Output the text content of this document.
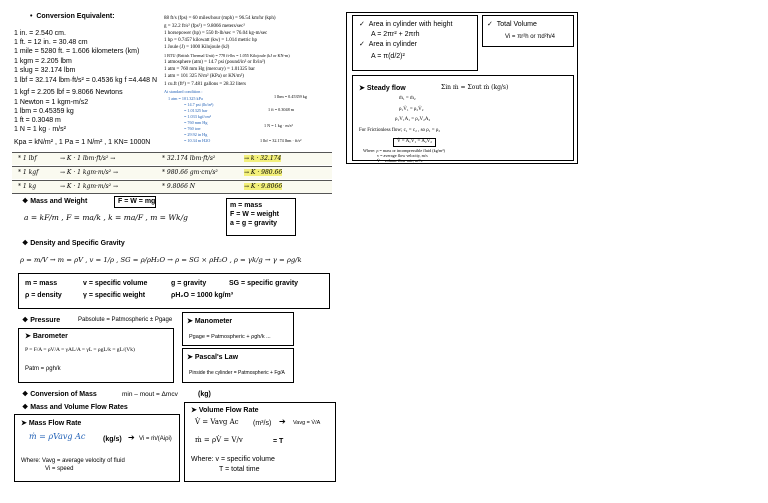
•  Conversion Equivalent:
1 in. = 2.540 cm.
1 ft. = 12 in. = 30.48 cm
1 mile = 5280 ft. = 1.606 kilometers (km)
1 kgm = 2.205 lbm
1 slug = 32.174 lbm
1 lbf = 32.174 lbm·ft/s² = 0.4536 kg f =4.448 N
1 kgf = 2.205 lbf = 9.8066 Newtons
1 Newton = 1 kgm-m/s2
1 lbm = 0.45359 kg
1 ft = 0.3048 m
1 N = 1 kg · m/s²
Kpa = kN/m² , 1 Pa = 1 N/m² , 1 KN= 1000N
88 ft/s (fps) = 60 miles/hour (mph) = 96.54 km/hr (kph)
g = 32.2 ft/s² (fps²) = 9.8066 meters/sec²
1 horsepower (hp) = 550 ft-lb/sec = 76.04 kg-m/sec
1 hp = 0.7457 kilowatt (kw) = 1.014 metric hp
1 Joule (J) = 1000 Kilojoule (kJ)
1 BTU (British Thermal Unit) = 778 ft-lbs = 1.055 Kilojoule (kJ or KN-m)
1 atmosphere (atm) = 14.7 psi (pound/in² or lb/in²)
1 atm = 760 mm Hg (mercury) = 1.01325 bar
1 atm = 101 325 N/m² (KPa) or KN/m²)
1 cu.ft (ft³) = 7.481 gallons = 28.32 liters
At standard condition :
1 atm = 101.325 kPa
= 14.7 psi (lb/in²)
= 1.01325 bar
= 1.033 kgf/cm²
= 760 mm Hg
= 760 torr
= 29.92 in Hg
= 10.34 m H2O
1 lbm = 0.45359 kg
1 ft = 0.3048 m
1 N = 1 kg · m/s²
1 lbf = 32.174 lbm · ft/s²
* 1 lbf	→ K · 1 lbm·ft/s² →	* 32.174 lbm·ft/s²	→ k · 32.174
* 1 kgf	→ K · 1 kgm·m/s² →	* 980.66 gm·cm/s²	→ K · 980.66
* 1 kg	→ K · 1 kgm·m/s² →	* 9.8066 N	→ K · 9.8066
❖ Mass and Weight	F = W = mg
a = kF/m , F = ma/k , k = ma/F , m = Wk/g
m = mass
F = W = weight
a = g = gravity
❖ Density and Specific Gravity
ρ = m/V → m = ρV , v = 1/ρ , SG = ρ/ρH₂O → ρ = SG × ρH₂O , ρ = γk/g → γ = ρg/k
m = mass	v = specific volume	g = gravity	SG = specific gravity
ρ = density	γ = specific weight	ρH₂O = 1000 kg/m³
❖ Pressure	Pabsolute = Patmospheric ± Pgage
➤ Barometer
P = F/A = ρV/A = γAL/A = γL = ρgL/k = gL/(Vk)
Patm = ρgh/k
➤ Manometer
Pgage = Patmospheric + ρgh/k ...
➤ Pascal's Law
Pinside the cylinder = Patmospheric + Fg/A
❖ Conversion of Mass	min – mout = Δmcv	(kg)
❖ Mass and Volume Flow Rates
➤ Mass Flow Rate
ṁ = ρVavg Ac	(kg/s) ➔ Vi = ṁ/(Aiρi)
Where: Vavg = average velocity of fluid
Vi = speed
➤ Volume Flow Rate
V̇ = Vavg Ac (m³/s) ➔ Vavg = V̇/A
ṁ = ρV̇ = V/v	= T
Where: v = specific volume
T = total time
✓  Area in cylinder with height
A = 2πr² + 2πrh
✓  Area in cylinder
A = π(d/2)²
✓  Total Volume
Vi = πr²h or πd²h/4
➤ Steady flow	Σin ṁ = Σout ṁ (kg/s)
ṁ₁ = ṁ₂
ρ₁V̇₁ = ρ₂V̇₂
ρ₁V₁A₁ = ρ₂V₂A₂
For Frictionless flow; c₁ = c₂ , so ρ₁ = ρ₂
V̇ = A₁V₁ = A₂V₂
Where: ρ = mass or incompressible fluid (kg/m³)
v = average flow velocity, m/s
V̇ = volume flow rate, m³/s
